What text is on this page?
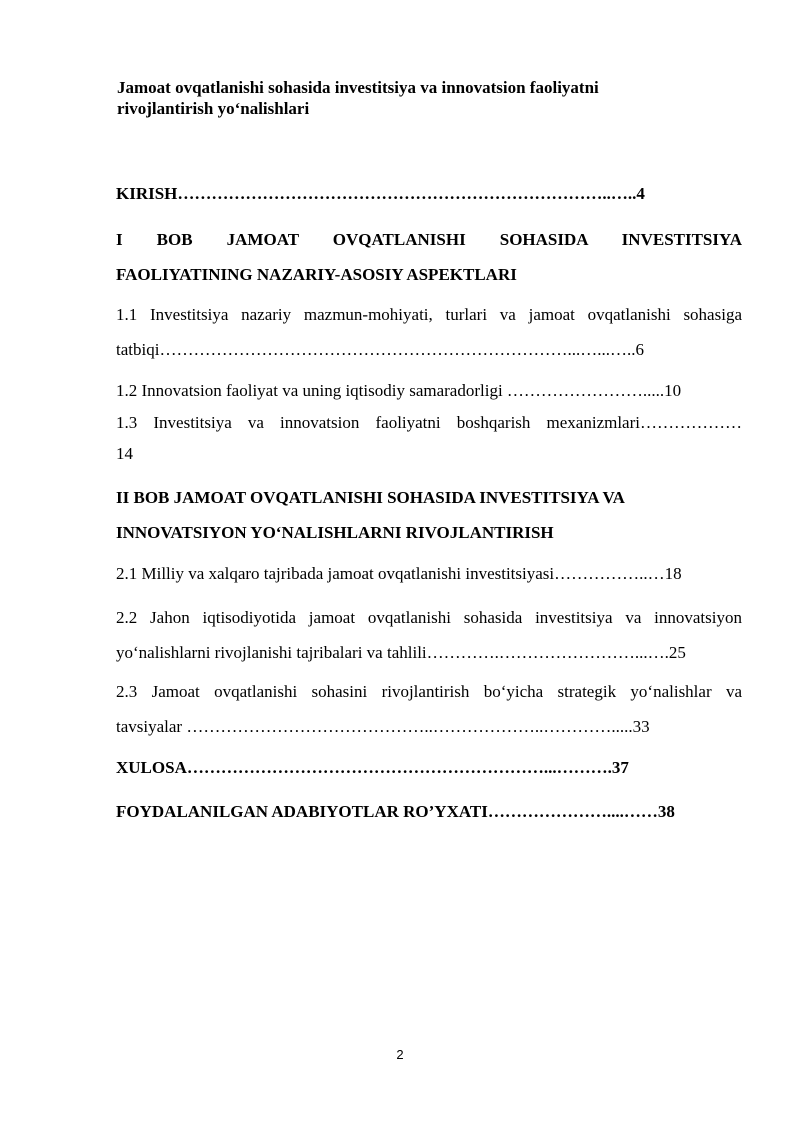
Jamoat ovqatlanishi sohasida investitsiya va innovatsion faoliyatni
rivojlantirish yo‘nalishlari
KIRISH…………………………………………………………………..…..4
I BOB JAMOAT OVQATLANISHI SOHASIDA INVESTITSIYA
FAOLIYATINING NAZARIY-ASOSIY ASPEKTLARI
1.1 Investitsiya nazariy mazmun-mohiyati, turlari va jamoat ovqatlanishi sohasiga
tatbiqi………………………………………………………………...…...…..6
1.2 Innovatsion faoliyat va uning iqtisodiy samaradorligi …………………….....10
1.3 Investitsiya va innovatsion faoliyatni boshqarish mexanizmlari………………
14
II BOB JAMOAT OVQATLANISHI SOHASIDA INVESTITSIYA VA
INNOVATSIYON YO‘NALISHLARNI RIVOJLANTIRISH
2.1 Milliy va xalqaro tajribada jamoat ovqatlanishi investitsiyasi……………..…18
2.2 Jahon iqtisodiyotida jamoat ovqatlanishi sohasida investitsiya va innovatsiyon
yo‘nalishlarni rivojlanishi tajribalari va tahlili………….……………………...….25
2.3 Jamoat ovqatlanishi sohasini rivojlantirish bo‘yicha strategik yo‘nalishlar va
tavsiyalar ……………………………………..………………..………….....33
XULOSA………………………………………………………...……….37
FOYDALANILGAN ADABIYOTLAR RO’YXATI…………………....……38
2
